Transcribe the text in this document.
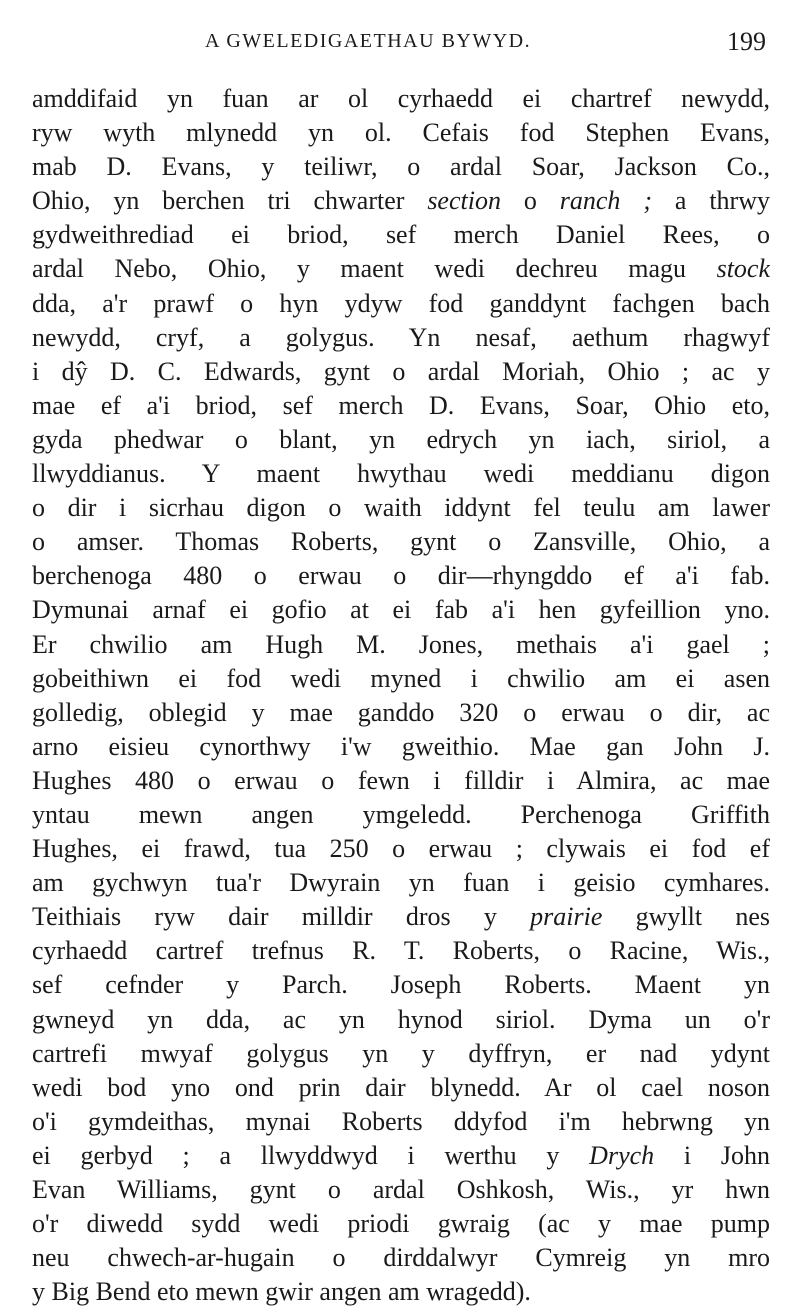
A GWELEDIGAETHAU BYWYD.	199
amddifaid yn fuan ar ol cyrhaedd ei chartref newydd,
ryw wyth mlynedd yn ol. Cefais fod Stephen Evans,
mab D. Evans, y teiliwr, o ardal Soar, Jackson Co.,
Ohio, yn berchen tri chwarter section o ranch ; a thrwy
gydweithrediad ei briod, sef merch Daniel Rees, o
ardal Nebo, Ohio, y maent wedi dechreu magu stock
dda, a'r prawf o hyn ydyw fod ganddynt fachgen bach
newydd, cryf, a golygus. Yn nesaf, aethum rhagwyf
i dŷ D. C. Edwards, gynt o ardal Moriah, Ohio ; ac y
mae ef a'i briod, sef merch D. Evans, Soar, Ohio eto,
gyda phedwar o blant, yn edrych yn iach, siriol, a
llwyddianus. Y maent hwythau wedi meddianu digon
o dir i sicrhau digon o waith iddynt fel teulu am lawer
o amser. Thomas Roberts, gynt o Zansville, Ohio, a
berchenoga 480 o erwau o dir—rhyngddo ef a'i fab.
Dymunai arnaf ei gofio at ei fab a'i hen gyfeillion yno.
Er chwilio am Hugh M. Jones, methais a'i gael ;
gobeithiwn ei fod wedi myned i chwilio am ei asen
golledig, oblegid y mae ganddo 320 o erwau o dir, ac
arno eisieu cynorthwy i'w gweithio. Mae gan John J.
Hughes 480 o erwau o fewn i filldir i Almira, ac mae
yntau mewn angen ymgeledd. Perchenoga Griffith
Hughes, ei frawd, tua 250 o erwau ; clywais ei fod ef
am gychwyn tua'r Dwyrain yn fuan i geisio cymhares.
Teithiais ryw dair milldir dros y prairie gwyllt nes
cyrhaedd cartref trefnus R. T. Roberts, o Racine, Wis.,
sef cefnder y Parch. Joseph Roberts. Maent yn
gwneyd yn dda, ac yn hynod siriol. Dyma un o'r
cartrefi mwyaf golygus yn y dyffryn, er nad ydynt
wedi bod yno ond prin dair blynedd. Ar ol cael noson
o'i gymdeithas, mynai Roberts ddyfod i'm hebrwng yn
ei gerbyd ; a llwyddwyd i werthu y Drych i John
Evan Williams, gynt o ardal Oshkosh, Wis., yr hwn
o'r diwedd sydd wedi priodi gwraig (ac y mae pump
neu chwech-ar-hugain o dirddalwyr Cymreig yn mro
y Big Bend eto mewn gwir angen am wragedd).
